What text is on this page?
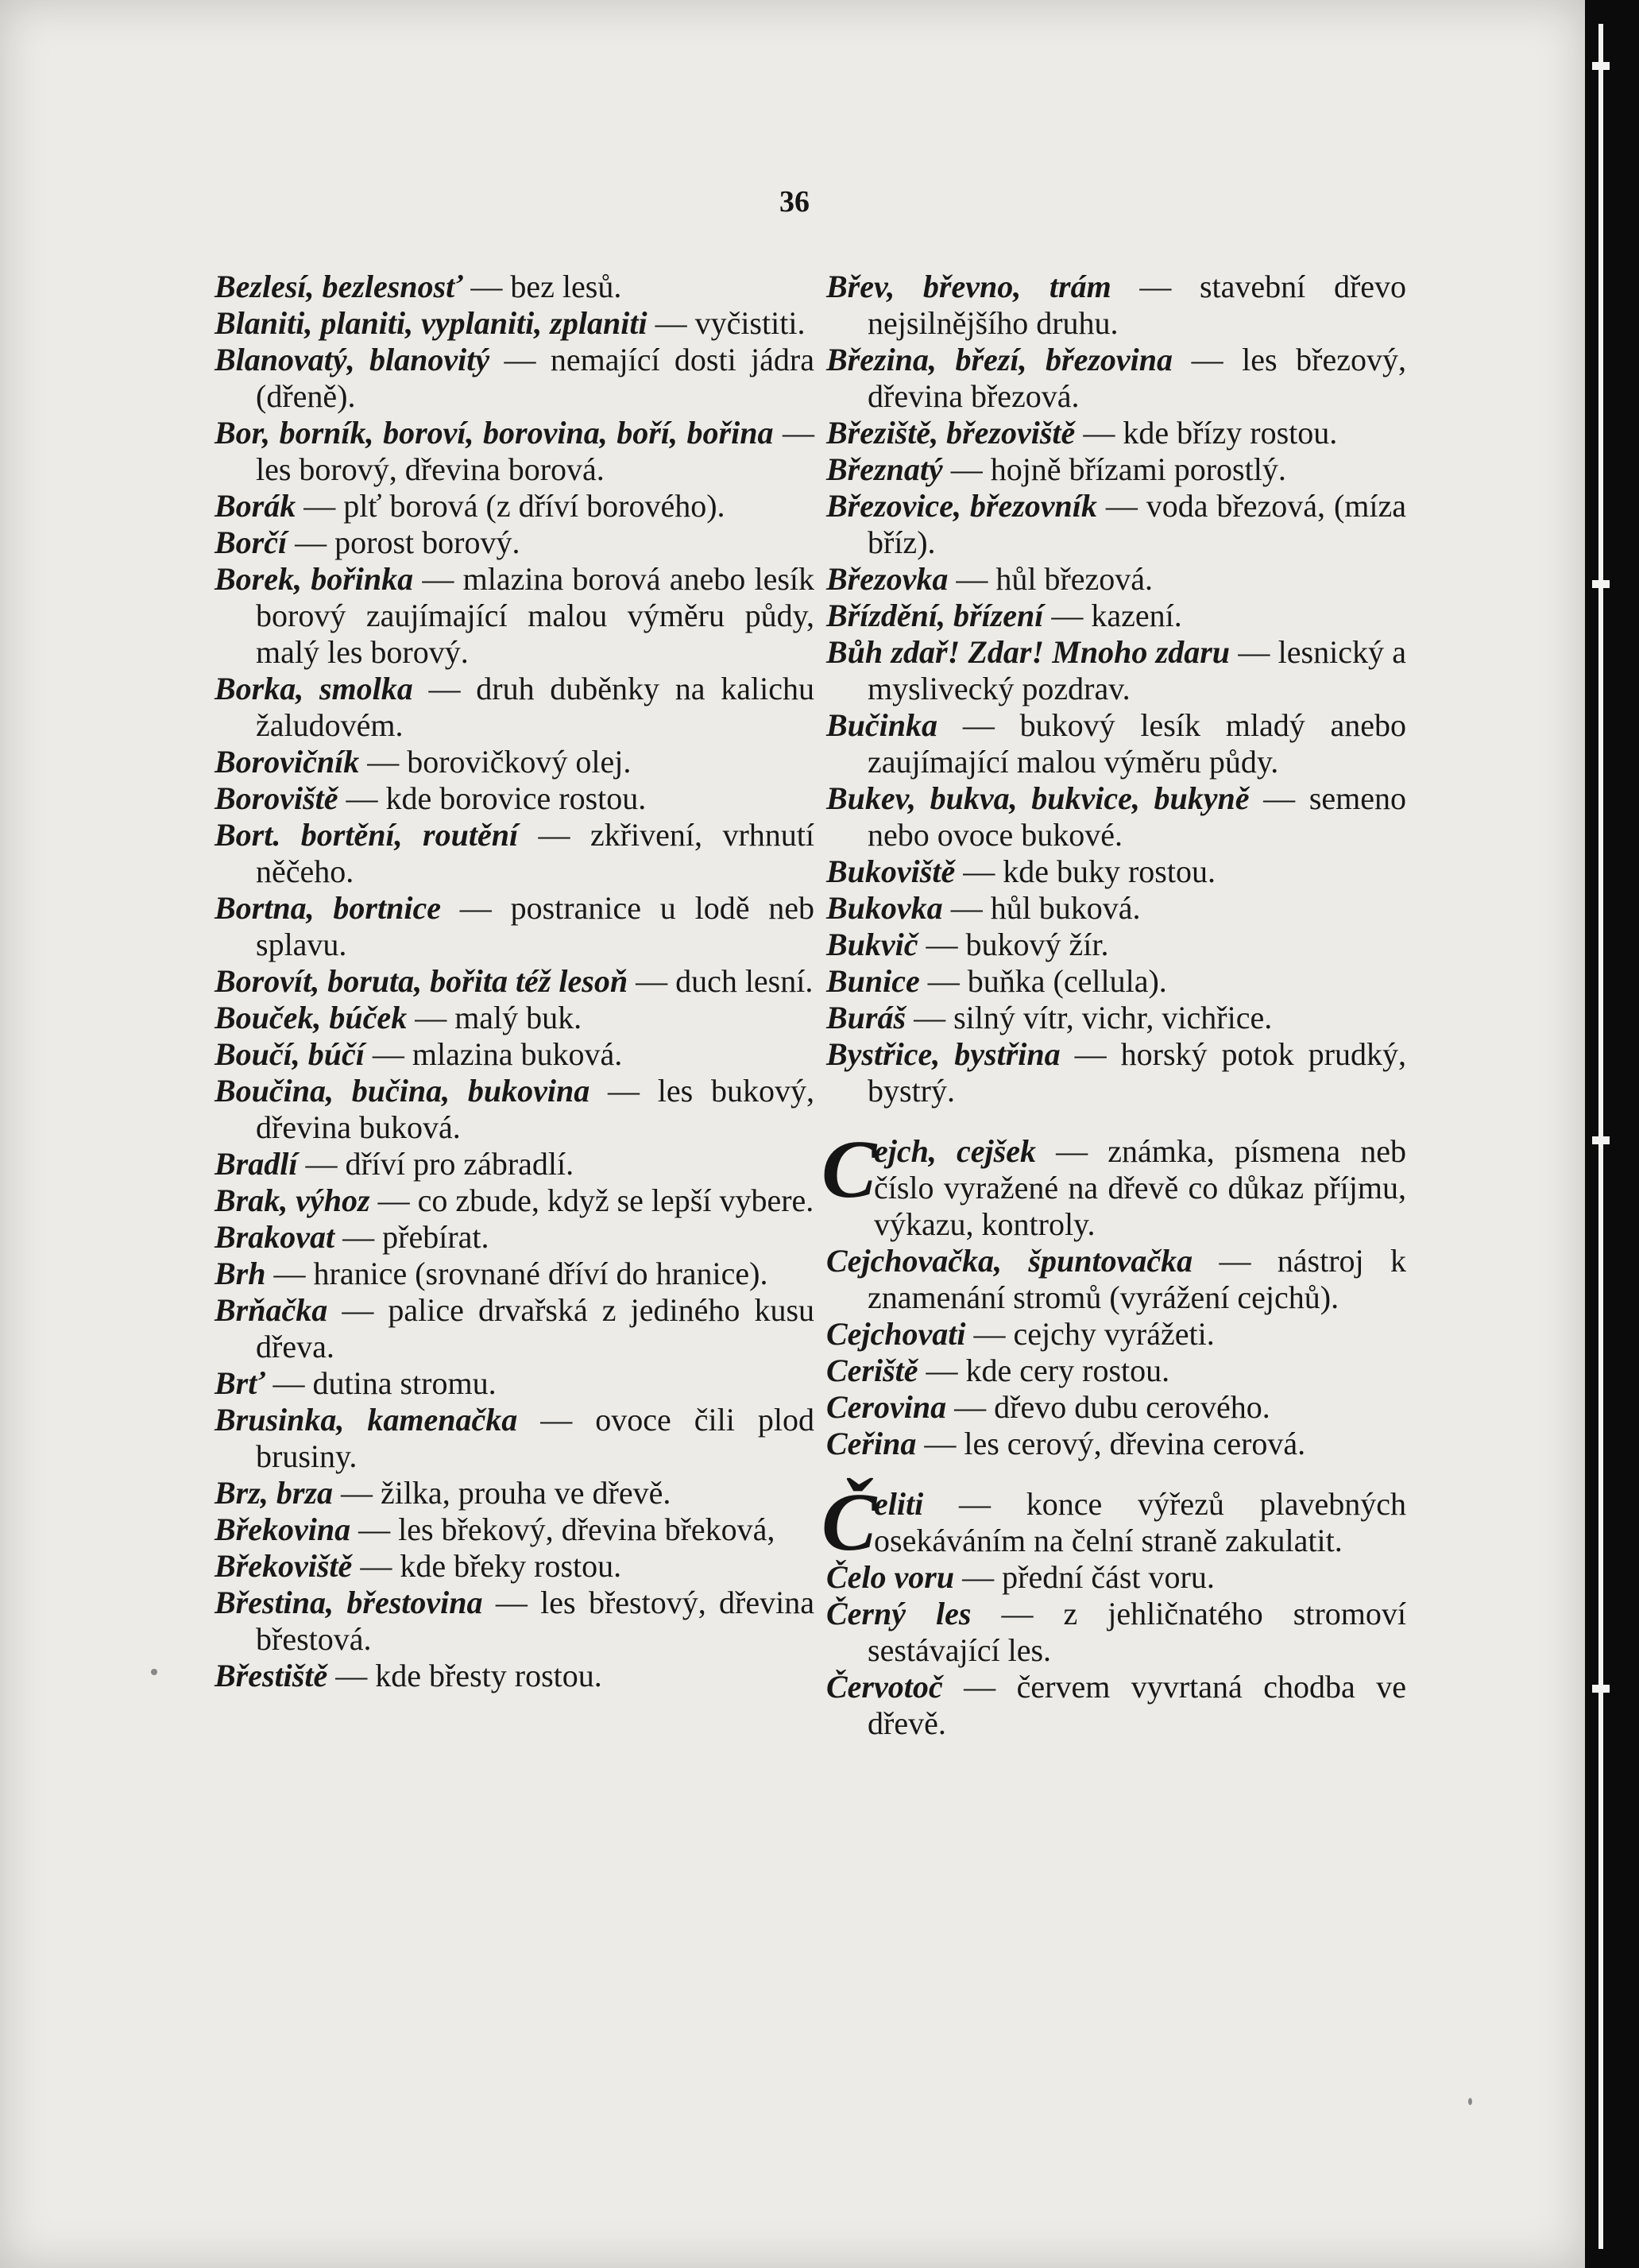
36
Bezlesí, bezlesnosť — bez lesů.
Blaniti, planiti, vyplaniti, zplaniti — vyčistiti.
Blanovatý, blanovitý — nemající dosti jádra (dřeně).
Bor, borník, boroví, borovina, boří, bořina — les borový, dřevina borová.
Borák — plť borová (z dříví borového).
Borčí — porost borový.
Borek, bořinka — mlazina borová anebo lesík borový zaujímající malou výměru půdy, malý les borový.
Borka, smolka — druh duběnky na kalichu žaludovém.
Borovičník — borovičkový olej.
Boroviště — kde borovice rostou.
Bort. bortění, routění — zkřivení, vrhnutí něčeho.
Bortna, bortnice — postranice u lodě neb splavu.
Borovít, boruta, bořita též lesoň — duch lesní.
Bouček, búček — malý buk.
Boučí, búčí — mlazina buková.
Boučina, bučina, bukovina — les bukový, dřevina buková.
Bradlí — dříví pro zábradlí.
Brak, výhoz — co zbude, když se lepší vybere.
Brakovat — přebírat.
Brh — hranice (srovnané dříví do hranice).
Brňačka — palice drvařská z jediného kusu dřeva.
Brť — dutina stromu.
Brusinka, kamenačka — ovoce čili plod brusiny.
Brz, brza — žilka, prouha ve dřevě.
Břekovina — les břekový, dřevina břeková,
Břekoviště — kde břeky rostou.
Břestina, břestovina — les břestový, dřevina břestová.
Břestiště — kde břesty rostou.
Břev, břevno, trám — stavební dřevo nejsilnějšího druhu.
Březina, březí, březovina — les březový, dřevina březová.
Březiště, březoviště — kde břízy rostou.
Březnatý — hojně břízami porostlý.
Březovice, březovník — voda březová, (míza bříz).
Březovka — hůl březová.
Břízdění, břízení — kazení.
Bůh zdař! Zdar! Mnoho zdaru — lesnický a myslivecký pozdrav.
Bučinka — bukový lesík mladý anebo zaujímající malou výměru půdy.
Bukev, bukva, bukvice, bukyně — semeno nebo ovoce bukové.
Bukoviště — kde buky rostou.
Bukovka — hůl buková.
Bukvič — bukový žír.
Bunice — buňka (cellula).
Buráš — silný vítr, vichr, vichřice.
Bystřice, bystřina — horský potok prudký, bystrý.
C
ejch, cejšek — známka, písmena neb číslo vyražené na dřevě co důkaz příjmu, výkazu, kontroly.
Cejchovačka, špuntovačka — nástroj k znamenání stromů (vyrážení cejchů).
Cejchovati — cejchy vyrážeti.
Ceriště — kde cery rostou.
Cerovina — dřevo dubu cerového.
Ceřina — les cerový, dřevina cerová.
Č
eliti — konce výřezů plavebných osekáváním na čelní straně zakulatit.
Čelo voru — přední část voru.
Černý les — z jehličnatého stromoví sestávající les.
Červotoč — červem vyvrtaná chodba ve dřevě.
